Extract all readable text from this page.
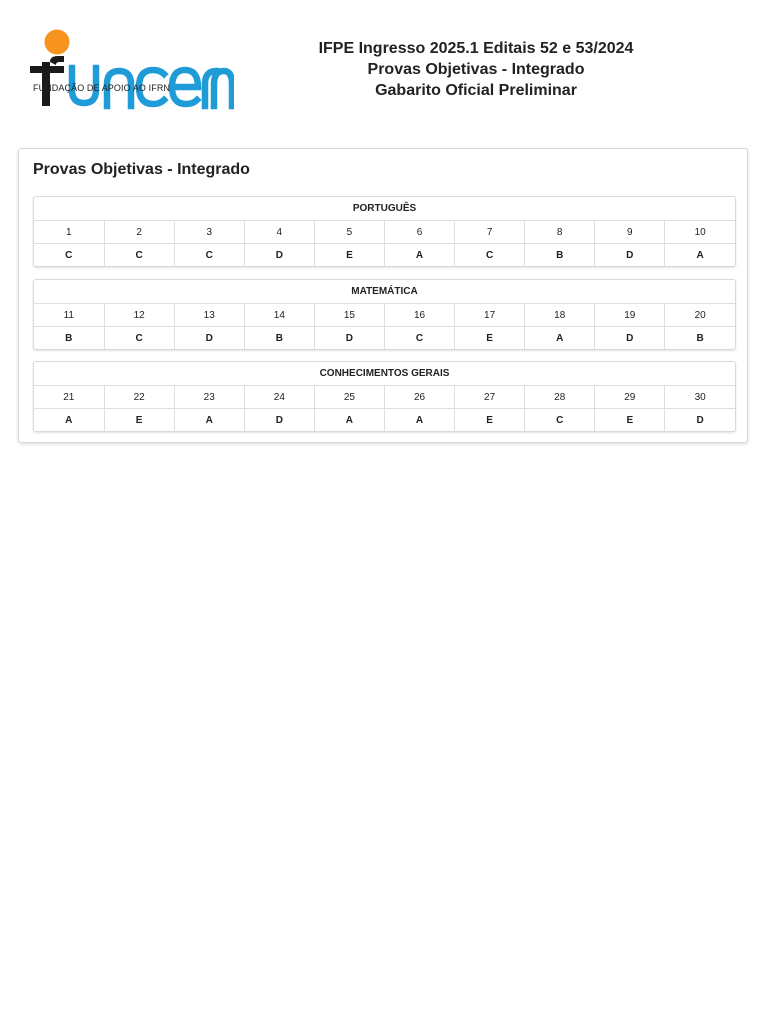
FUNDAÇÃO DE APOIO AO IFRN
IFPE Ingresso 2025.1 Editais 52 e 53/2024
Provas Objetivas - Integrado
Gabarito Oficial Preliminar
Provas Objetivas - Integrado
PORTUGUÊS									
1	2	3	4	5	6	7	8	9	10
C	C	C	D	E	A	C	B	D	A
MATEMÁTICA									
11	12	13	14	15	16	17	18	19	20
B	C	D	B	D	C	E	A	D	B
CONHECIMENTOS GERAIS									
21	22	23	24	25	26	27	28	29	30
A	E	A	D	A	A	E	C	E	D
